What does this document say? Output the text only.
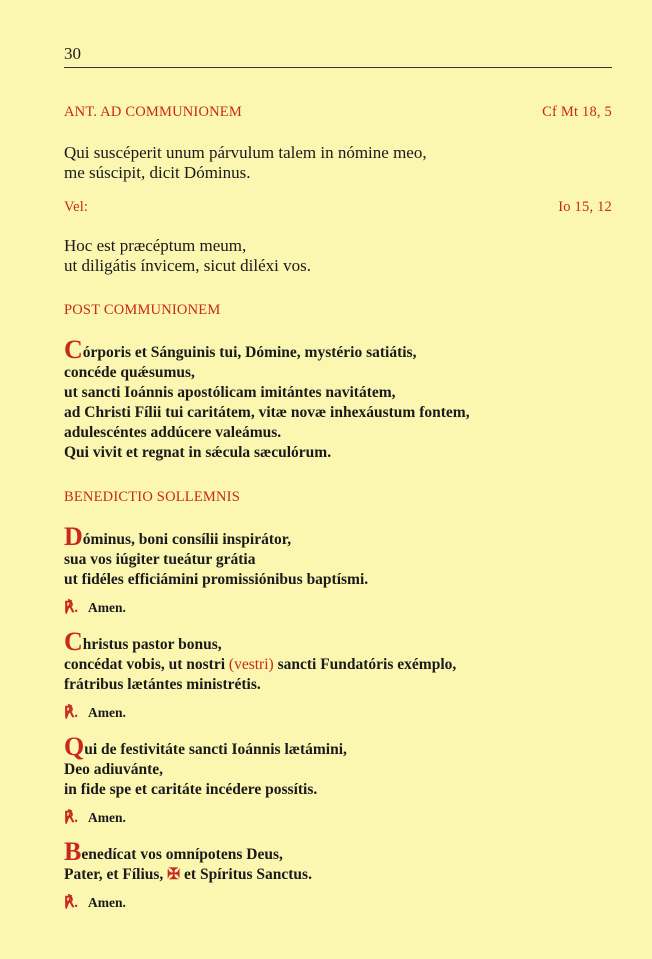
30
ANT. AD COMMUNIONEM	Cf Mt 18, 5

Qui suscéperit unum párvulum talem in nómine meo,

me súscipit, dicit Dóminus.

Vel:	Io 15, 12

Hoc est præcéptum meum,

ut diligátis ínvicem, sicut diléxi vos.

POST COMMUNIONEM

Córporis et Sánguinis tui, Dómine, mystério satiátis,

concéde quǽsumus,

ut sancti Ioánnis apostólicam imitántes navitátem,

ad Christi Fílii tui caritátem, vitæ novæ inhexáustum fontem,

adulescéntes addúcere valeámus.

Qui vivit et regnat in sǽcula sæculórum.

BENEDICTIO SOLLEMNIS

Dóminus, boni consílii inspirátor,

sua vos iúgiter tueátur grátia

ut fidéles efficiámini promissiónibus baptísmi.

℟. Amen.

Christus pastor bonus,

concédat vobis, ut nostri (vestri) sancti Fundatóris exémplo,

frátribus lætántes ministrétis.

℟. Amen.

Qui de festivitáte sancti Ioánnis lætámini,

Deo adiuvánte,

in fide spe et caritáte incédere possítis.

℟. Amen.

Benedícat vos omnípotens Deus,

Pater, et Fílius, ✠ et Spíritus Sanctus.

℟. Amen.
